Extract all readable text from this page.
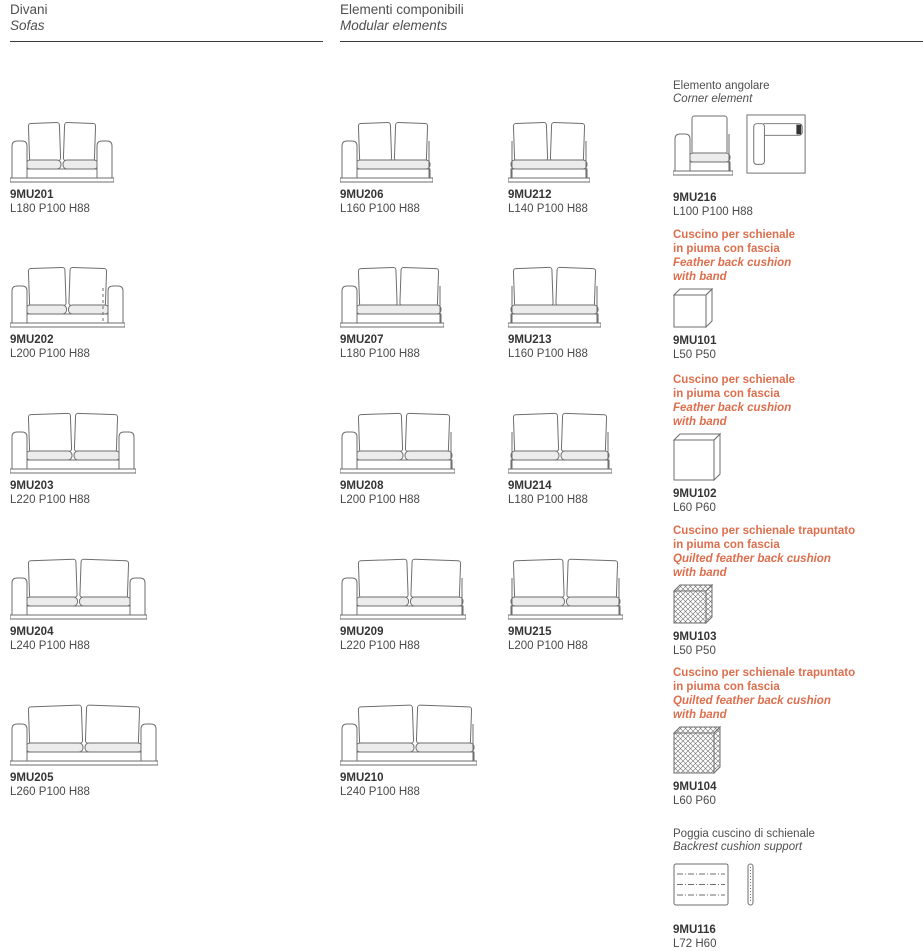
Divani
Sofas
Elementi componibili
Modular elements
9MU201
L180 P100 H88
9MU202
L200 P100 H88
9MU203
L220 P100 H88
9MU204
L240 P100 H88
9MU205
L260 P100 H88
9MU206
L160 P100 H88
9MU207
L180 P100 H88
9MU208
L200 P100 H88
9MU209
L220 P100 H88
9MU210
L240 P100 H88
9MU212
L140 P100 H88
9MU213
L160 P100 H88
9MU214
L180 P100 H88
9MU215
L200 P100 H88
Elemento angolare
Corner element
9MU216
L100 P100 H88
Cuscino per schienale
in piuma con fascia
Feather back cushion
with band
9MU101
L50 P50
Cuscino per schienale
in piuma con fascia
Feather back cushion
with band
9MU102
L60 P60
Cuscino per schienale trapuntato
in piuma con fascia
Quilted feather back cushion
with band
9MU103
L50 P50
Cuscino per schienale trapuntato
in piuma con fascia
Quilted feather back cushion
with band
9MU104
L60 P60
Poggia cuscino di schienale
Backrest cushion support
9MU116
L72 H60
